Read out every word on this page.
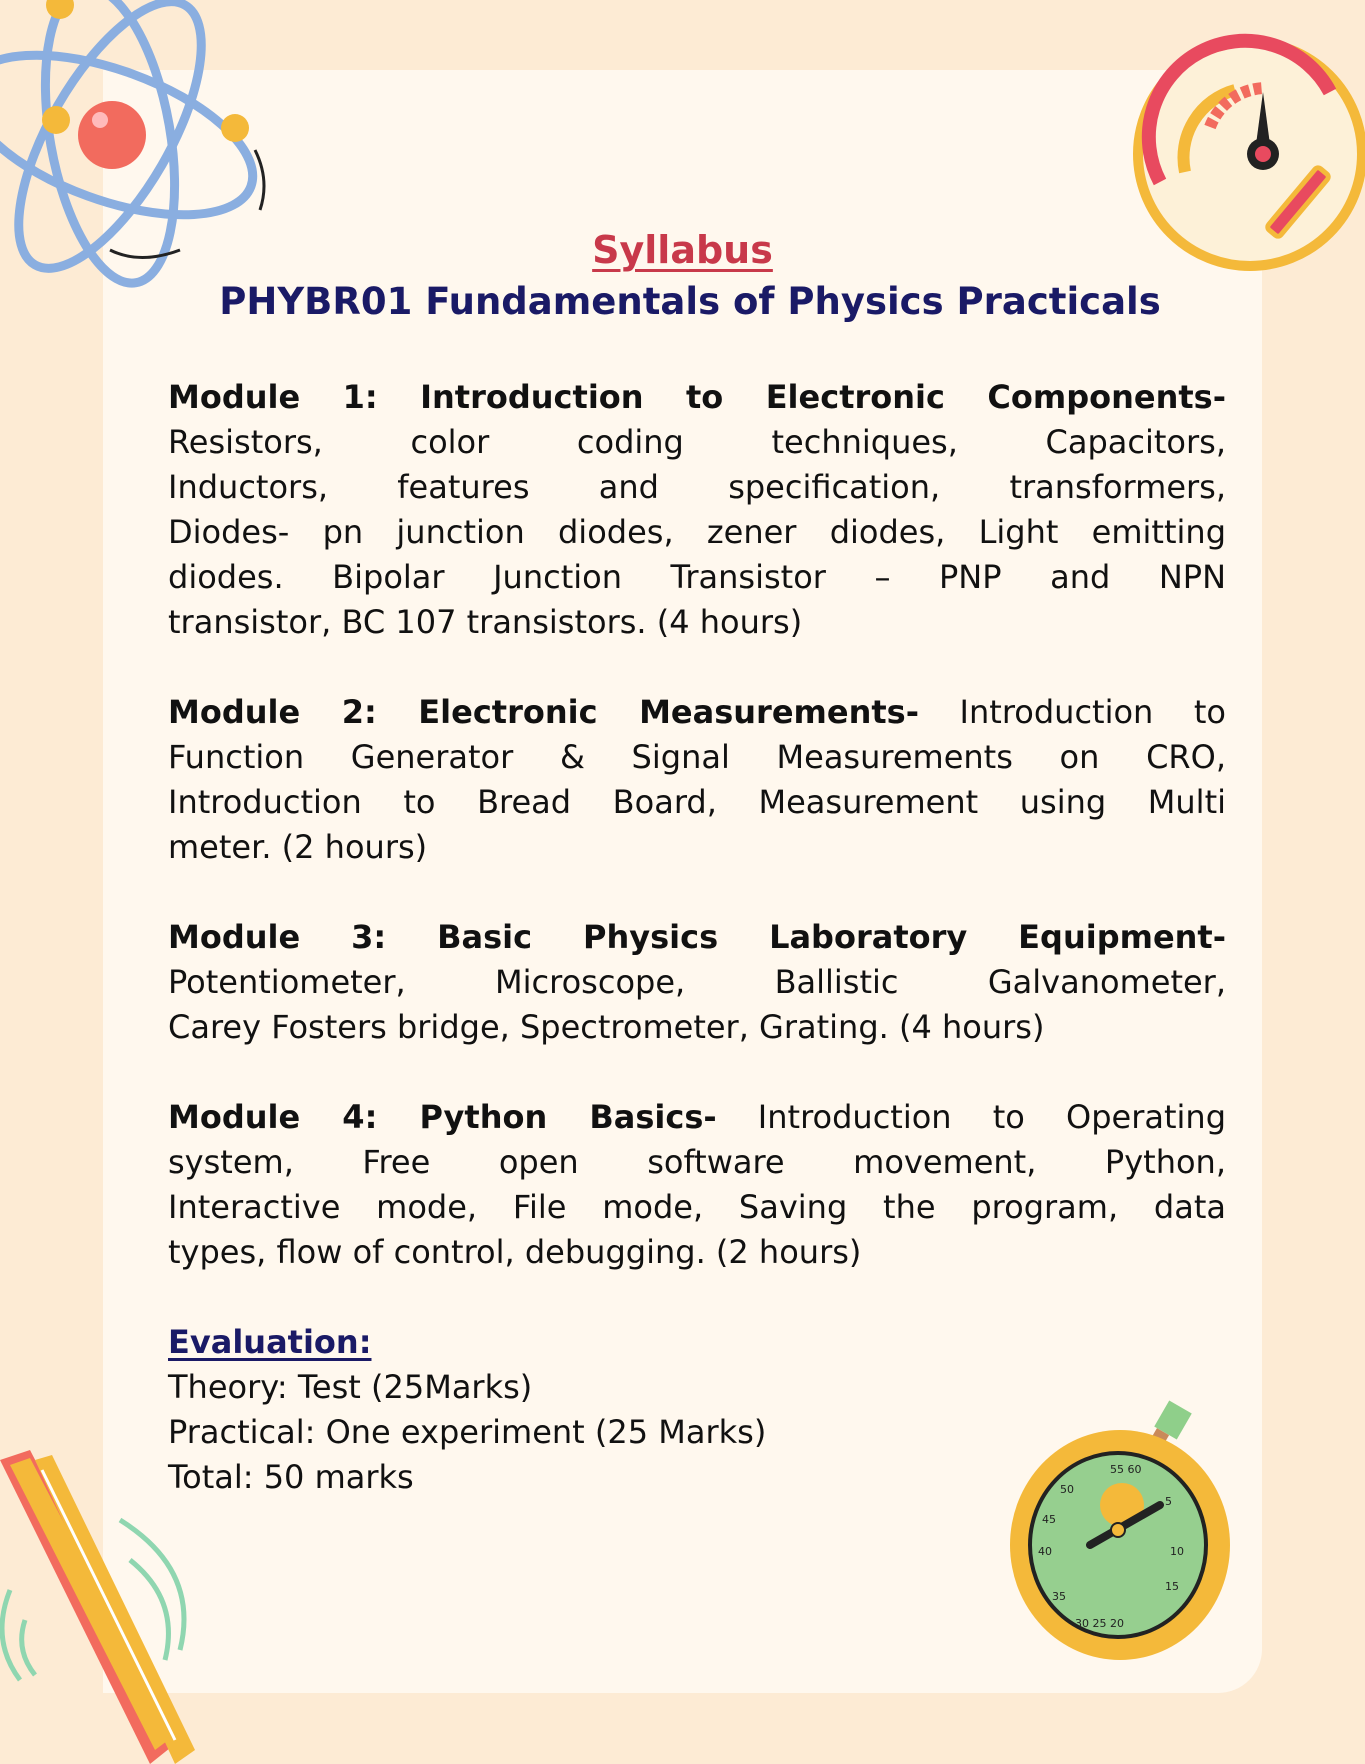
55 60
50
45
40	10
5
15
35
30 25 20
Syllabus
PHYBR01 Fundamentals of Physics Practicals
Module 1: Introduction to Electronic Components-
Resistors, color coding techniques, Capacitors,
Inductors, features and specification, transformers,
Diodes- pn junction diodes, zener diodes, Light emitting
diodes. Bipolar Junction Transistor – PNP and NPN
transistor, BC 107 transistors. (4 hours)
Module 2: Electronic Measurements- Introduction to
Function Generator & Signal Measurements on CRO,
Introduction to Bread Board, Measurement using Multi
meter. (2 hours)
Module 3: Basic Physics Laboratory Equipment-
Potentiometer, Microscope, Ballistic Galvanometer,
Carey Fosters bridge, Spectrometer, Grating. (4 hours)
Module 4: Python Basics- Introduction to Operating
system, Free open software movement, Python,
Interactive mode, File mode, Saving the program, data
types, flow of control, debugging. (2 hours)
Evaluation:
Theory: Test (25Marks)
Practical: One experiment (25 Marks)
Total: 50 marks
